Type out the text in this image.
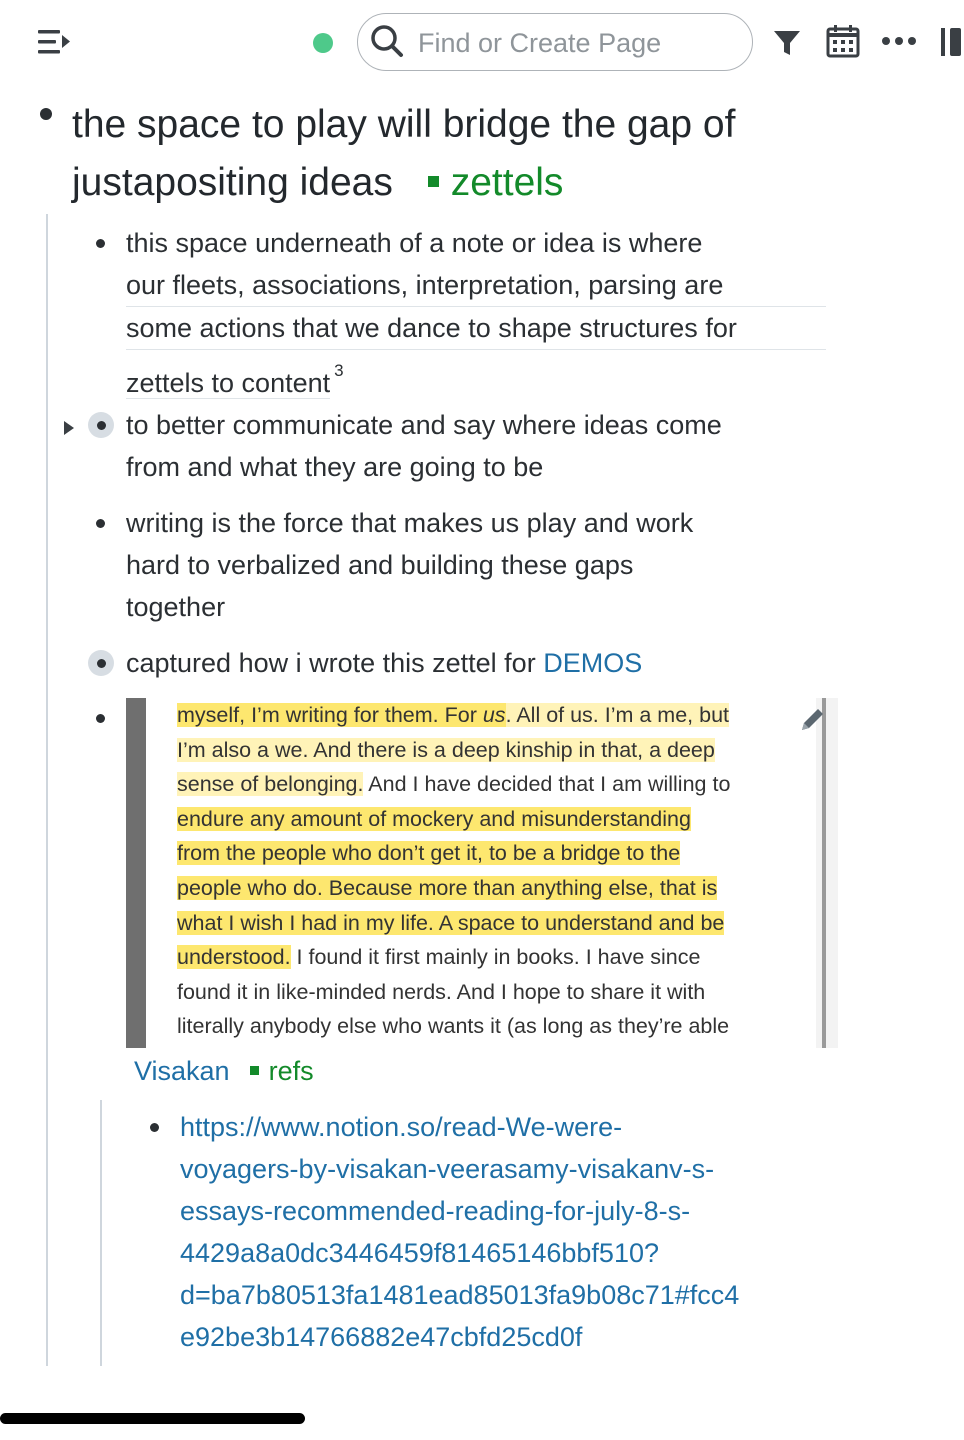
Find or Create Page
the space to play will bridge the gap of justapositing ideas zettels
this space underneath of a note or idea is where
our fleets, associations, interpretation, parsing are
some actions that we dance to shape structures for
zettels to content $^3$
to better communicate and say where ideas come
from and what they are going to be
writing is the force that makes us play and work
hard to verbalized and building these gaps
together
captured how i wrote this zettel for DEMOS
myself, I’m writing for them. For us. All of us. I’m a me, but
I’m also a we. And there is a deep kinship in that, a deep
sense of belonging. And I have decided that I am willing to
endure any amount of mockery and misunderstanding
from the people who don’t get it, to be a bridge to the
people who do. Because more than anything else, that is
what I wish I had in my life. A space to understand and be
understood. I found it first mainly in books. I have since
found it in like-minded nerds. And I hope to share it with
literally anybody else who wants it (as long as they’re able
Visakan refs
https://www.notion.so/read-We-were-
voyagers-by-visakan-veerasamy-visakanv-s-
essays-recommended-reading-for-july-8-s-
4429a8a0dc3446459f81465146bbf510?
d=ba7b80513fa1481ead85013fa9b08c71#fcc4
e92be3b14766882e47cbfd25cd0f
